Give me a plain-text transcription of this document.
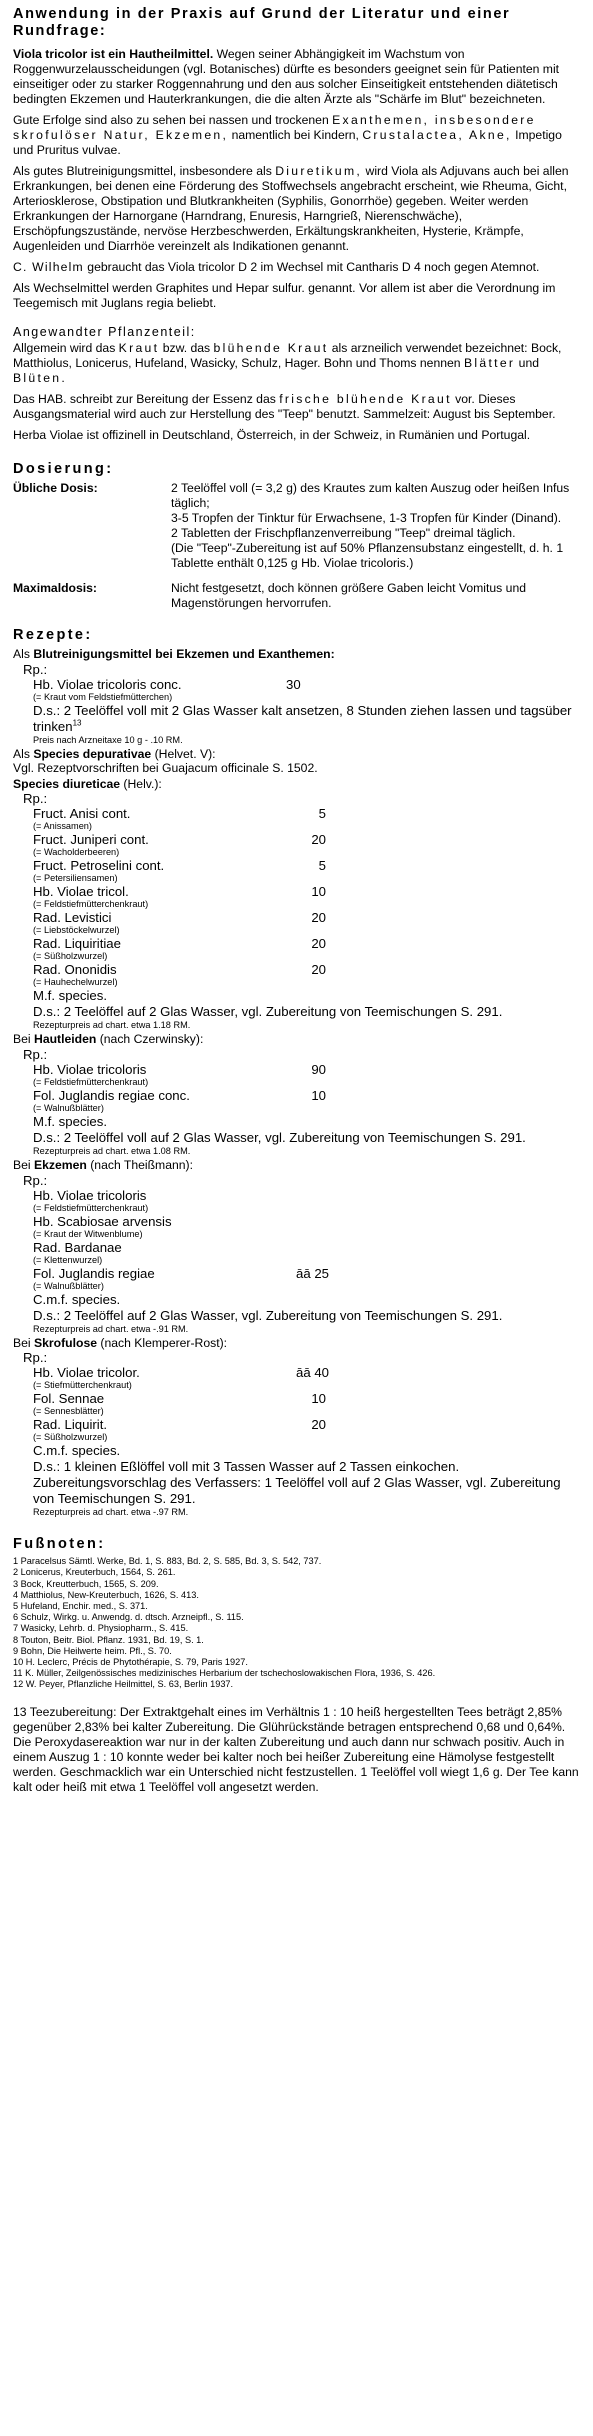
Anwendung in der Praxis auf Grund der Literatur und einer Rundfrage:

Viola tricolor ist ein Hautheilmittel. Wegen seiner Abhängigkeit im Wachstum von Roggenwurzelausscheidungen (vgl. Botanisches) dürfte es besonders geeignet sein für Patienten mit einseitiger oder zu starker Roggennahrung und den aus solcher Einseitigkeit entstehenden diätetisch bedingten Ekzemen und Hauterkrankungen, die die alten Ärzte als "Schärfe im Blut" bezeichneten.

Gute Erfolge sind also zu sehen bei nassen und trockenen Exanthemen, insbesondere skrofulöser Natur, Ekzemen, namentlich bei Kindern, Crustalactea, Akne, Impetigo und Pruritus vulvae.

Als gutes Blutreinigungsmittel, insbesondere als Diuretikum, wird Viola als Adjuvans auch bei allen Erkrankungen, bei denen eine Förderung des Stoffwechsels angebracht erscheint, wie Rheuma, Gicht, Arteriosklerose, Obstipation und Blutkrankheiten (Syphilis, Gonorrhöe) gegeben. Weiter werden Erkrankungen der Harnorgane (Harndrang, Enuresis, Harngrieß, Nierenschwäche), Erschöpfungszustände, nervöse Herzbeschwerden, Erkältungskrankheiten, Hysterie, Krämpfe, Augenleiden und Diarrhöe vereinzelt als Indikationen genannt.

C. Wilhelm gebraucht das Viola tricolor D 2 im Wechsel mit Cantharis D 4 noch gegen Atemnot.

Als Wechselmittel werden Graphites und Hepar sulfur. genannt. Vor allem ist aber die Verordnung im Teegemisch mit Juglans regia beliebt.

Angewandter Pflanzenteil:

Allgemein wird das Kraut bzw. das blühende Kraut als arzneilich verwendet bezeichnet: Bock, Matthiolus, Lonicerus, Hufeland, Wasicky, Schulz, Hager. Bohn und Thoms nennen Blätter und Blüten.

Das HAB. schreibt zur Bereitung der Essenz das frische blühende Kraut vor. Dieses Ausgangsmaterial wird auch zur Herstellung des "Teep" benutzt. Sammelzeit: August bis September.

Herba Violae ist offizinell in Deutschland, Österreich, in der Schweiz, in Rumänien und Portugal.

Dosierung:
Übliche Dosis:	2 Teelöffel voll (= 3,2 g) des Krautes zum kalten Auszug oder heißen Infus täglich;
3-5 Tropfen der Tinktur für Erwachsene, 1-3 Tropfen für Kinder (Dinand).
2 Tabletten der Frischpflanzenverreibung "Teep" dreimal täglich.
(Die "Teep"-Zubereitung ist auf 50% Pflanzensubstanz eingestellt, d. h. 1 Tablette enthält 0,125 g Hb. Violae tricoloris.)
Maximaldosis:	Nicht festgesetzt, doch können größere Gaben leicht Vomitus und Magenstörungen hervorrufen.
Rezepte:
Als Blutreinigungsmittel bei Ekzemen und Exanthemen:
Rp.:
Hb. Violae tricoloris conc.	30
(= Kraut vom Feldstiefmütterchen)
D.s.: 2 Teelöffel voll mit 2 Glas Wasser kalt ansetzen, 8 Stunden ziehen lassen und tagsüber trinken$^{13}$
Preis nach Arzneitaxe 10 g - .10 RM.
Als Species depurativae (Helvet. V):
Vgl. Rezeptvorschriften bei Guajacum officinale S. 1502.
Species diureticae (Helv.):
Rp.:
Fruct. Anisi cont.	5
(= Anissamen)
Fruct. Juniperi cont.	20
(= Wacholderbeeren)
Fruct. Petroselini cont.	5
(= Petersiliensamen)
Hb. Violae tricol.	10
(= Feldstiefmütterchenkraut)
Rad. Levistici	20
(= Liebstöckelwurzel)
Rad. Liquiritiae	20
(= Süßholzwurzel)
Rad. Ononidis	20
(= Hauhechelwurzel)
M.f. species.
D.s.: 2 Teelöffel auf 2 Glas Wasser, vgl. Zubereitung von Teemischungen S. 291.
Rezepturpreis ad chart. etwa 1.18 RM.
Bei Hautleiden (nach Czerwinsky):
Rp.:
Hb. Violae tricoloris	90
(= Feldstiefmütterchenkraut)
Fol. Juglandis regiae conc.	10
(= Walnußblätter)
M.f. species.
D.s.: 2 Teelöffel voll auf 2 Glas Wasser, vgl. Zubereitung von Teemischungen S. 291.
Rezepturpreis ad chart. etwa 1.08 RM.
Bei Ekzemen (nach Theißmann):
Rp.:
Hb. Violae tricoloris
(= Feldstiefmütterchenkraut)
Hb. Scabiosae arvensis
(= Kraut der Witwenblume)
Rad. Bardanae
(= Klettenwurzel)
Fol. Juglandis regiae	āā 25
(= Walnußblätter)
C.m.f. species.
D.s.: 2 Teelöffel auf 2 Glas Wasser, vgl. Zubereitung von Teemischungen S. 291.
Rezepturpreis ad chart. etwa -.91 RM.
Bei Skrofulose (nach Klemperer-Rost):
Rp.:
Hb. Violae tricolor.	āā 40
(= Stiefmütterchenkraut)
Fol. Sennae	10
(= Sennesblätter)
Rad. Liquirit.	20
(= Süßholzwurzel)
C.m.f. species.
D.s.: 1 kleinen Eßlöffel voll mit 3 Tassen Wasser auf 2 Tassen einkochen. Zubereitungsvorschlag des Verfassers: 1 Teelöffel voll auf 2 Glas Wasser, vgl. Zubereitung von Teemischungen S. 291.
Rezepturpreis ad chart. etwa -.97 RM.
Fußnoten:
1 Paracelsus Sämtl. Werke, Bd. 1, S. 883, Bd. 2, S. 585, Bd. 3, S. 542, 737.
2 Lonicerus, Kreuterbuch, 1564, S. 261.
3 Bock, Kreutterbuch, 1565, S. 209.
4 Matthiolus, New-Kreuterbuch, 1626, S. 413.
5 Hufeland, Enchir. med., S. 371.
6 Schulz, Wirkg. u. Anwendg. d. dtsch. Arzneipfl., S. 115.
7 Wasicky, Lehrb. d. Physiopharm., S. 415.
8 Touton, Beitr. Biol. Pflanz. 1931, Bd. 19, S. 1.
9 Bohn, Die Heilwerte heim. Pfl., S. 70.
10 H. Leclerc, Précis de Phytothérapie, S. 79, Paris 1927.
11 K. Müller, Zeilgenössisches medizinisches Herbarium der tschechoslowakischen Flora, 1936, S. 426.
12 W. Peyer, Pflanzliche Heilmittel, S. 63, Berlin 1937.

13 Teezubereitung: Der Extraktgehalt eines im Verhältnis 1 : 10 heiß hergestellten Tees beträgt 2,85% gegenüber 2,83% bei kalter Zubereitung. Die Glührückstände betragen entsprechend 0,68 und 0,64%. Die Peroxydasereaktion war nur in der kalten Zubereitung und auch dann nur schwach positiv. Auch in einem Auszug 1 : 10 konnte weder bei kalter noch bei heißer Zubereitung eine Hämolyse festgestellt werden. Geschmacklich war ein Unterschied nicht festzustellen. 1 Teelöffel voll wiegt 1,6 g. Der Tee kann kalt oder heiß mit etwa 1 Teelöffel voll angesetzt werden.
